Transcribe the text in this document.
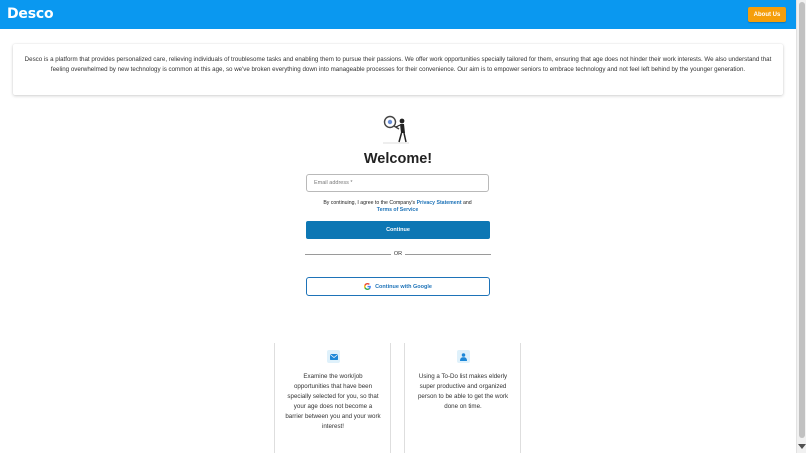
Desco	About Us
Desco is a platform that provides personalized care, relieving individuals of troublesome tasks and enabling them to pursue their passions. We offer work opportunities specially tailored for them, ensuring that age does not hinder their work interests. We also understand that feeling overwhelmed by new technology is common at this age, so we've broken everything down into manageable processes for their convenience. Our aim is to empower seniors to embrace technology and not feel left behind by the younger generation.
Welcome!
Email address *
By continuing, I agree to the Company's Privacy Statement and
Terms of Service
Continue
OR
Continue with Google
Examine the work/job opportunities that have been specially selected for you, so that your age does not become a barrier between you and your work interest!
Using a To-Do list makes elderly super productive and organized person to be able to get the work done on time.
